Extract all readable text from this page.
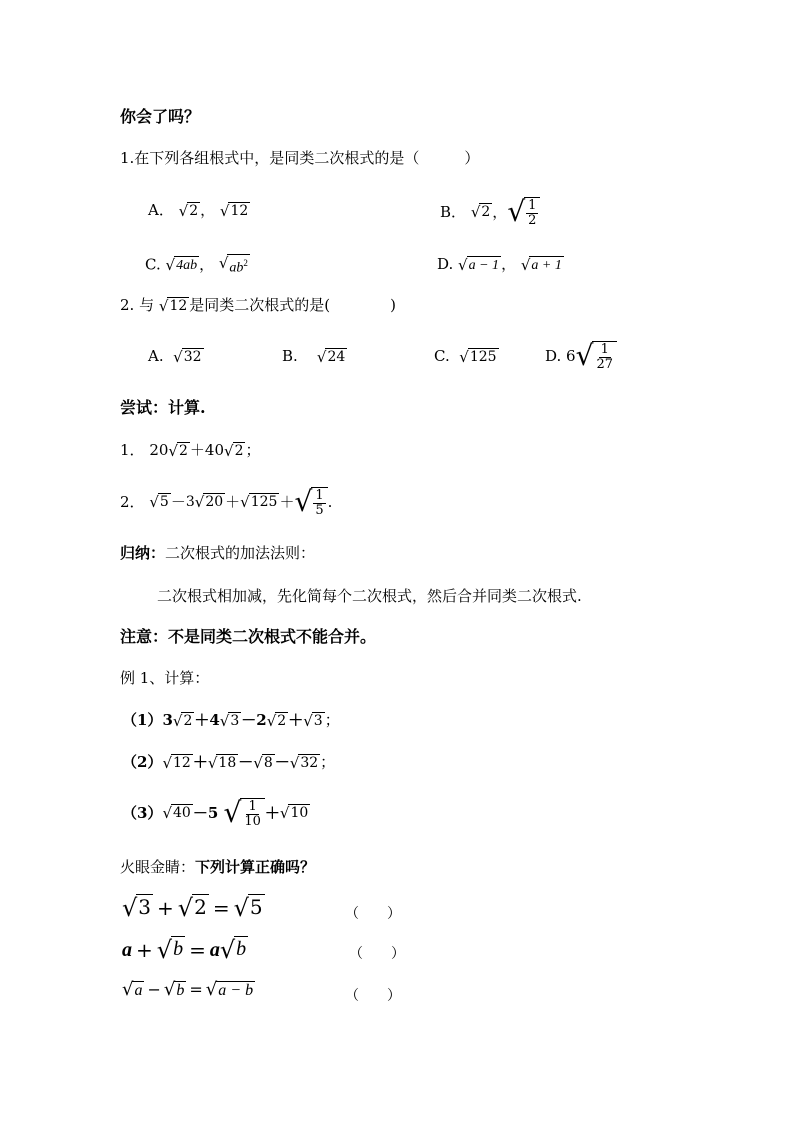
你会了吗？
1.在下列各组根式中，是同类二次根式的是（　　　）
A． √ 2 ， √ 12	B．
√ 2 ， √ $\frac{1}{2}$
C. √ 4ab ， √ $ab^2$	D. √ a − 1 ， √ a + 1
2. 与 √ 12 是同类二次根式的是(　　　　)
A. √ 32	B. √ 24	C. √ 125	D.
6 √ $\frac{1}{27}$
尝试：计算.
1． 20 √ 2 ＋40 √ 2 ；
2．
√ 5 － 3 √ 20 ＋ √ 125 ＋ √ $\frac{1}{5}$ .
归纳：二次根式的加法法则：
二次根式相加减，先化简每个二次根式，然后合并同类二次根式.
注意：不是同类二次根式不能合并。
例 1、计算：
（1）3 √ 2 ＋4 √ 3 －2 √ 2 ＋ √ 3 ；
（2） √ 12 ＋ √ 18 － √ 8 － √ 32 ；
（3） √ 40 －5
√ $\frac{1}{10}$ ＋ √ 10
火眼金睛：下列计算正确吗？
√ 3 + √ 2 = √ 5	（　　）
a + √ b = a √ b	（　　）
√ a − √ b = √ a − b	（　　）
